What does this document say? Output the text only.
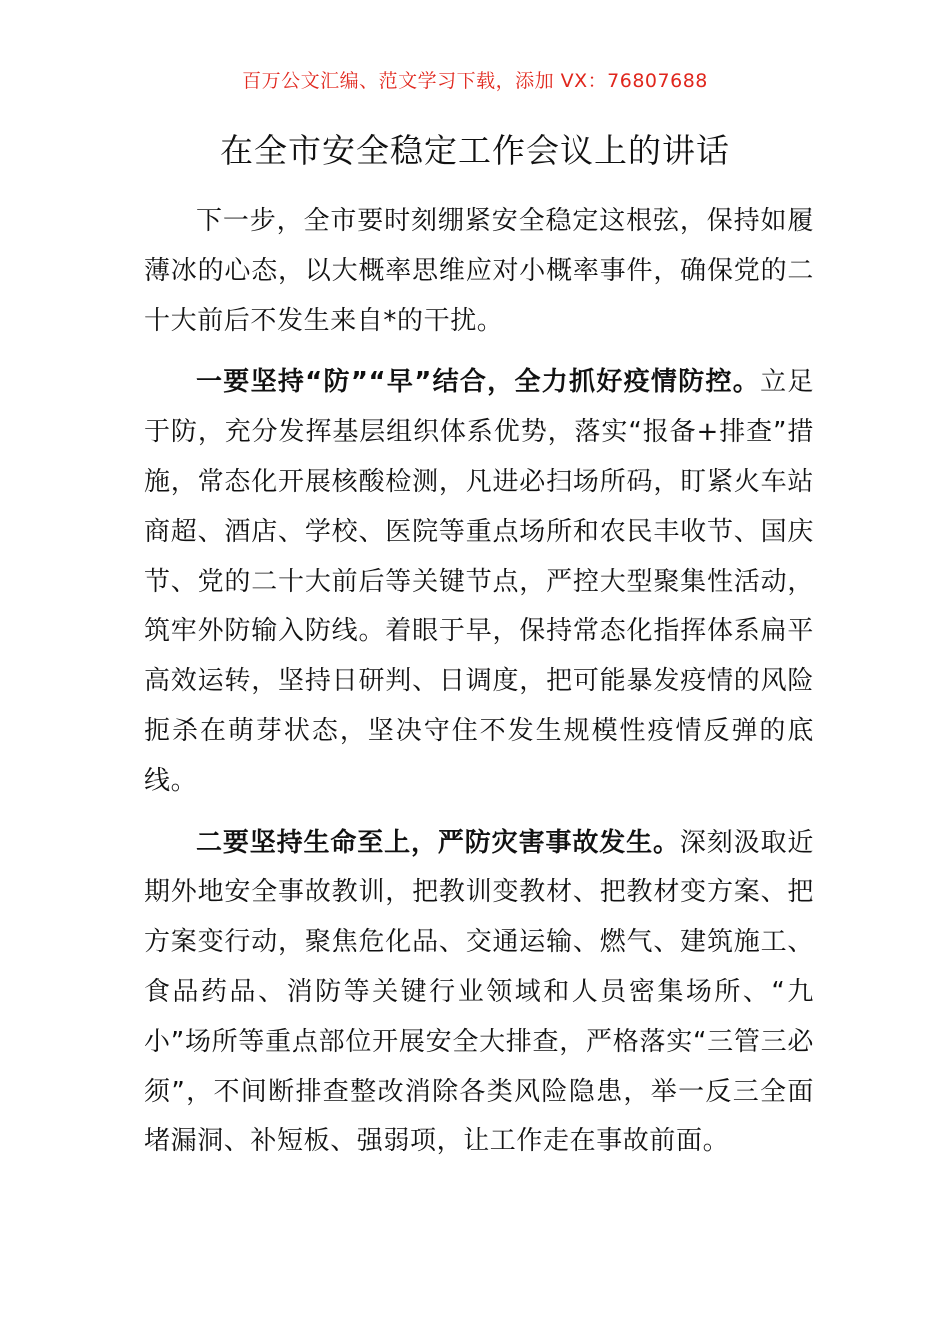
百万公文汇编、范文学习下载，添加 VX：76807688
在全市安全稳定工作会议上的讲话

下一步，全市要时刻绷紧安全稳定这根弦，保持如履薄冰的心态，以大概率思维应对小概率事件，确保党的二十大前后不发生来自*的干扰。

一要坚持“防”“早”结合，全力抓好疫情防控。立足于防，充分发挥基层组织体系优势，落实“报备+排查”措施，常态化开展核酸检测，凡进必扫场所码，盯紧火车站商超、酒店、学校、医院等重点场所和农民丰收节、国庆节、党的二十大前后等关键节点，严控大型聚集性活动，筑牢外防输入防线。着眼于早，保持常态化指挥体系扁平高效运转，坚持日研判、日调度，把可能暴发疫情的风险扼杀在萌芽状态，坚决守住不发生规模性疫情反弹的底线。

二要坚持生命至上，严防灾害事故发生。深刻汲取近期外地安全事故教训，把教训变教材、把教材变方案、把方案变行动，聚焦危化品、交通运输、燃气、建筑施工、食品药品、消防等关键行业领域和人员密集场所、“九小”场所等重点部位开展安全大排查，严格落实“三管三必须”，不间断排查整改消除各类风险隐患，举一反三全面堵漏洞、补短板、强弱项，让工作走在事故前面。
